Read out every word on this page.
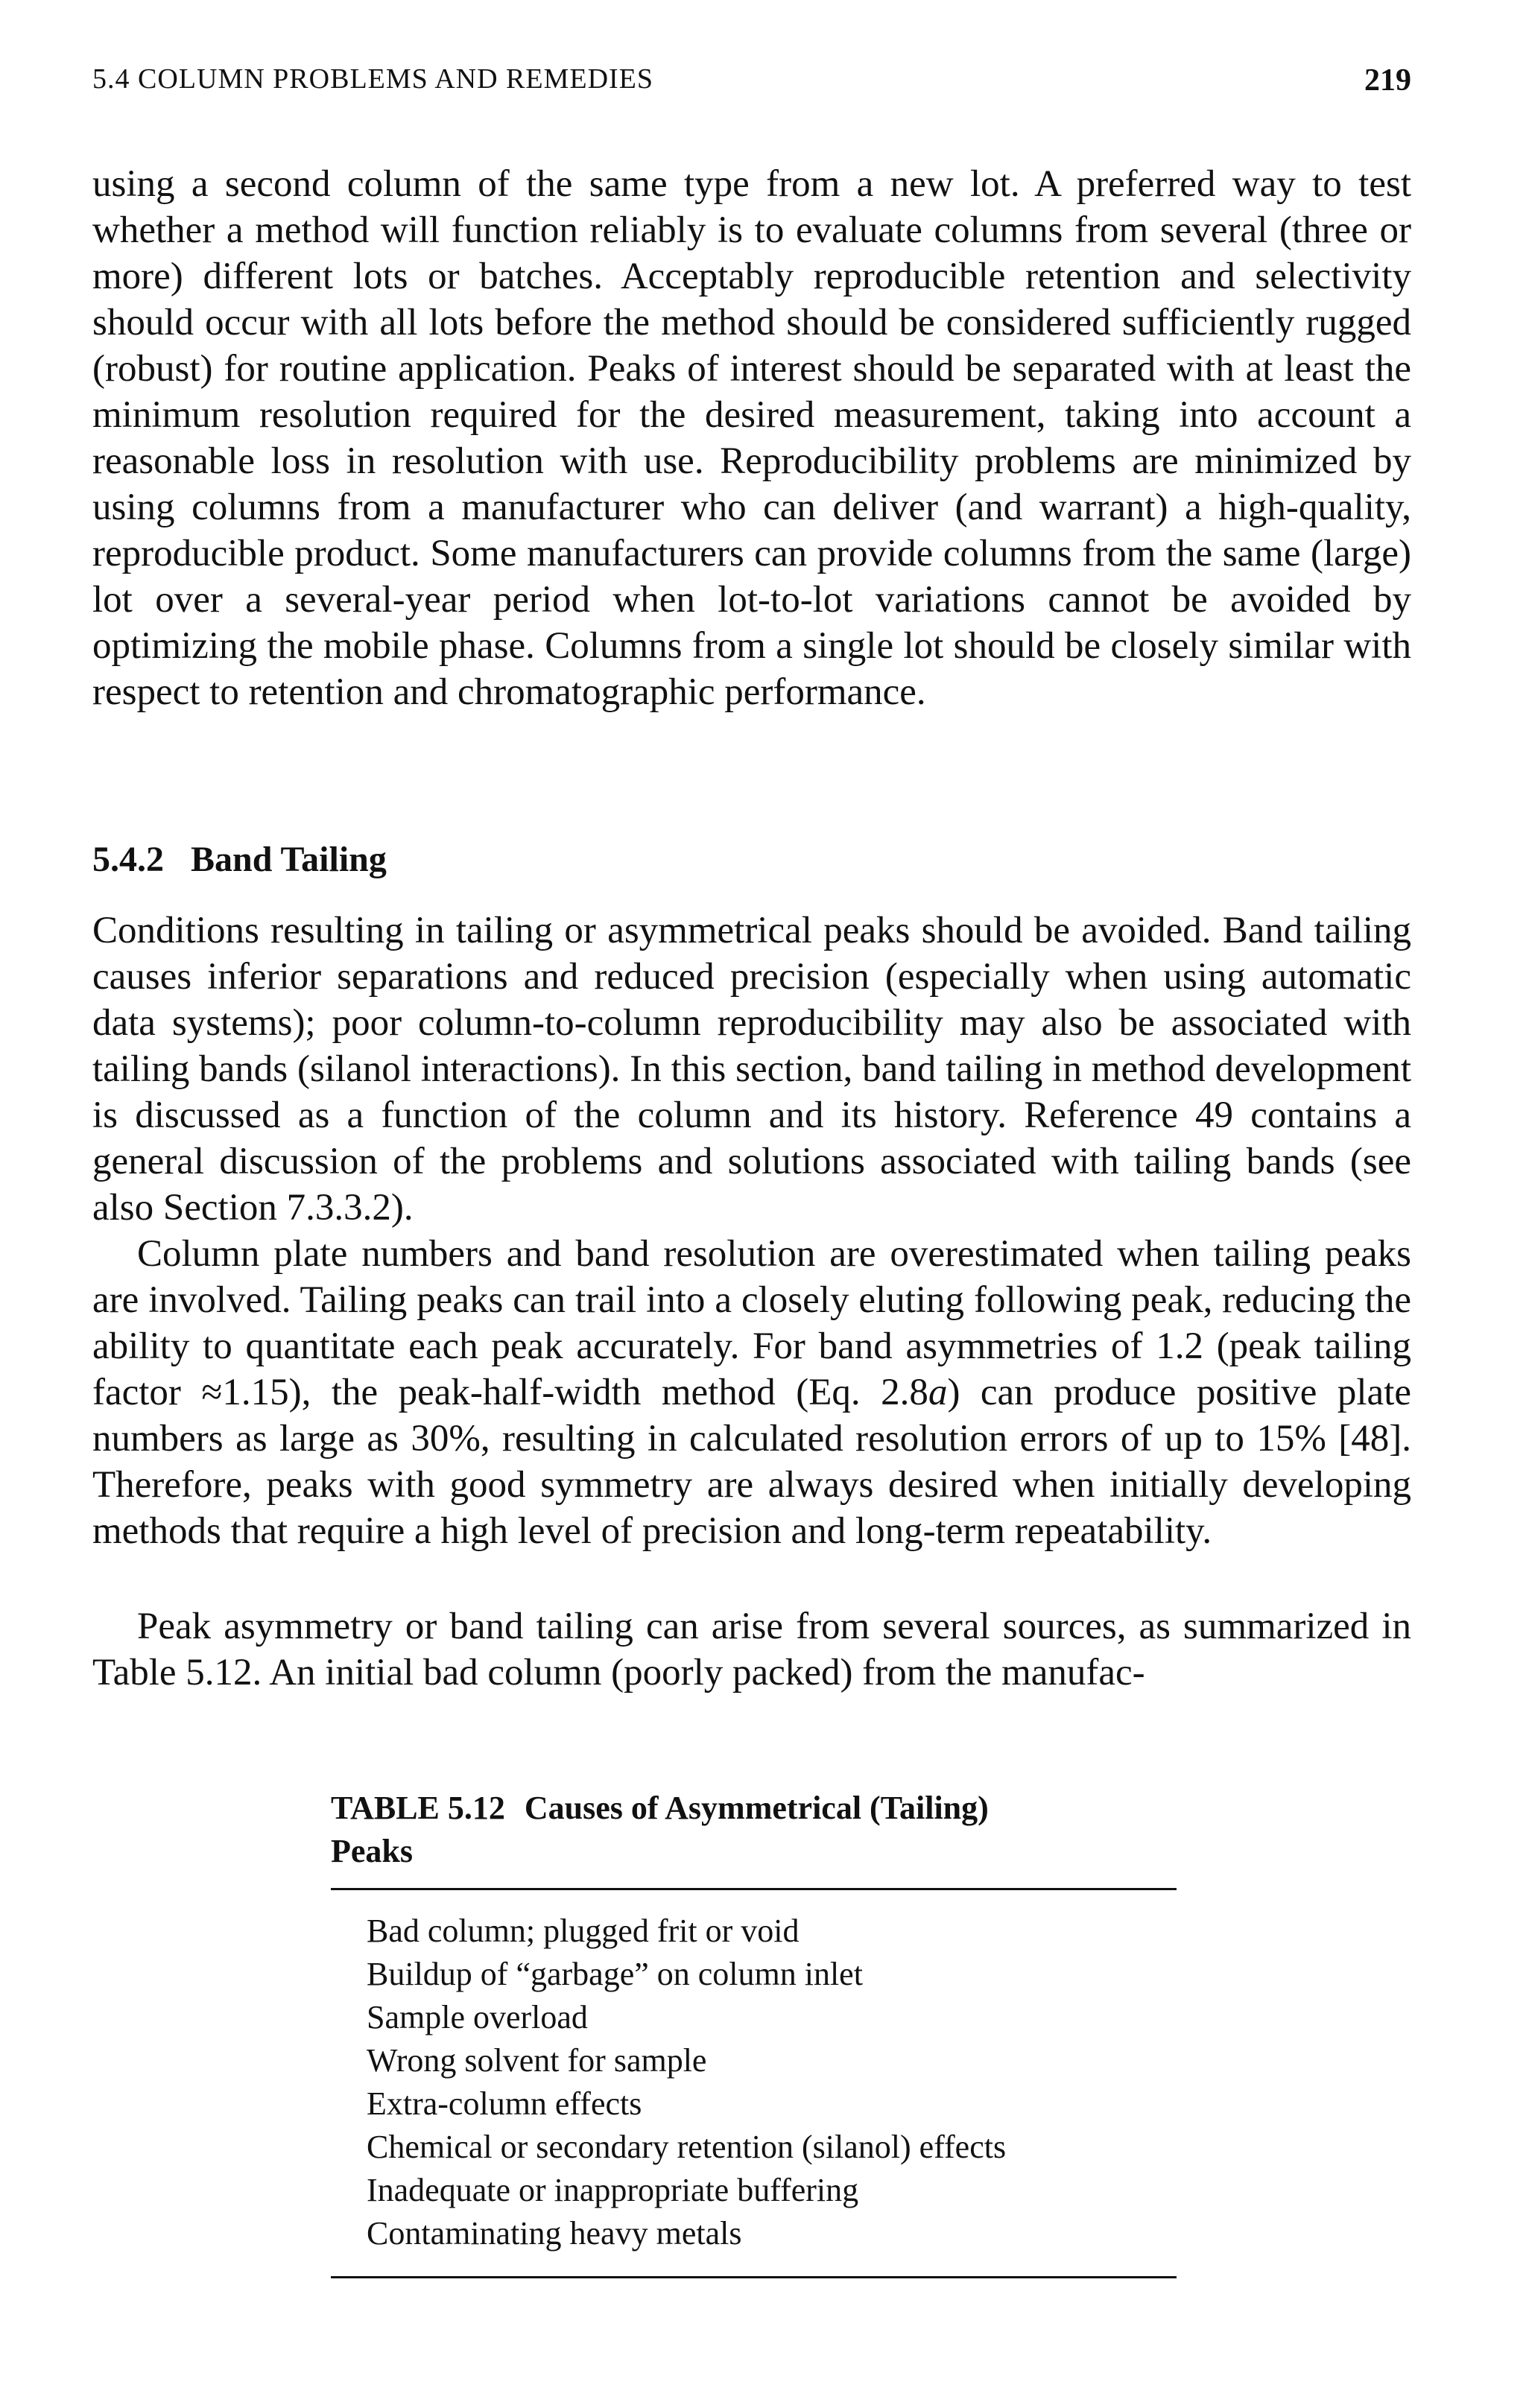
5.4 COLUMN PROBLEMS AND REMEDIES	219

using a second column of the same type from a new lot. A preferred way to test whether a method will function reliably is to evaluate columns from several (three or more) different lots or batches. Acceptably reproducible retention and selectivity should occur with all lots before the method should be considered sufficiently rugged (robust) for routine application. Peaks of interest should be separated with at least the minimum resolution required for the desired measurement, taking into account a reasonable loss in resolution with use. Reproducibility problems are minimized by using columns from a manufacturer who can deliver (and warrant) a high-quality, reproducible product. Some manufacturers can provide columns from the same (large) lot over a several-year period when lot-to-lot variations cannot be avoided by optimizing the mobile phase. Columns from a single lot should be closely similar with respect to retention and chromatographic performance.

5.4.2 Band Tailing

Conditions resulting in tailing or asymmetrical peaks should be avoided. Band tailing causes inferior separations and reduced precision (especially when using automatic data systems); poor column-to-column reproducibility may also be associated with tailing bands (silanol interactions). In this section, band tailing in method development is discussed as a function of the column and its history. Reference 49 contains a general discussion of the problems and solutions associated with tailing bands (see also Section 7.3.3.2).

Column plate numbers and band resolution are overestimated when tailing peaks are involved. Tailing peaks can trail into a closely eluting following peak, reducing the ability to quantitate each peak accurately. For band asymmetries of 1.2 (peak tailing factor ≈1.15), the peak-half-width method (Eq. 2.8a) can produce positive plate numbers as large as 30%, resulting in calculated resolution errors of up to 15% [48]. Therefore, peaks with good symmetry are always desired when initially developing methods that require a high level of precision and long-term repeatability.

Peak asymmetry or band tailing can arise from several sources, as summarized in Table 5.12. An initial bad column (poorly packed) from the manufac-

TABLE 5.12 Causes of Asymmetrical (Tailing) Peaks

Bad column; plugged frit or void
Buildup of “garbage” on column inlet
Sample overload
Wrong solvent for sample
Extra-column effects
Chemical or secondary retention (silanol) effects
Inadequate or inappropriate buffering
Contaminating heavy metals
